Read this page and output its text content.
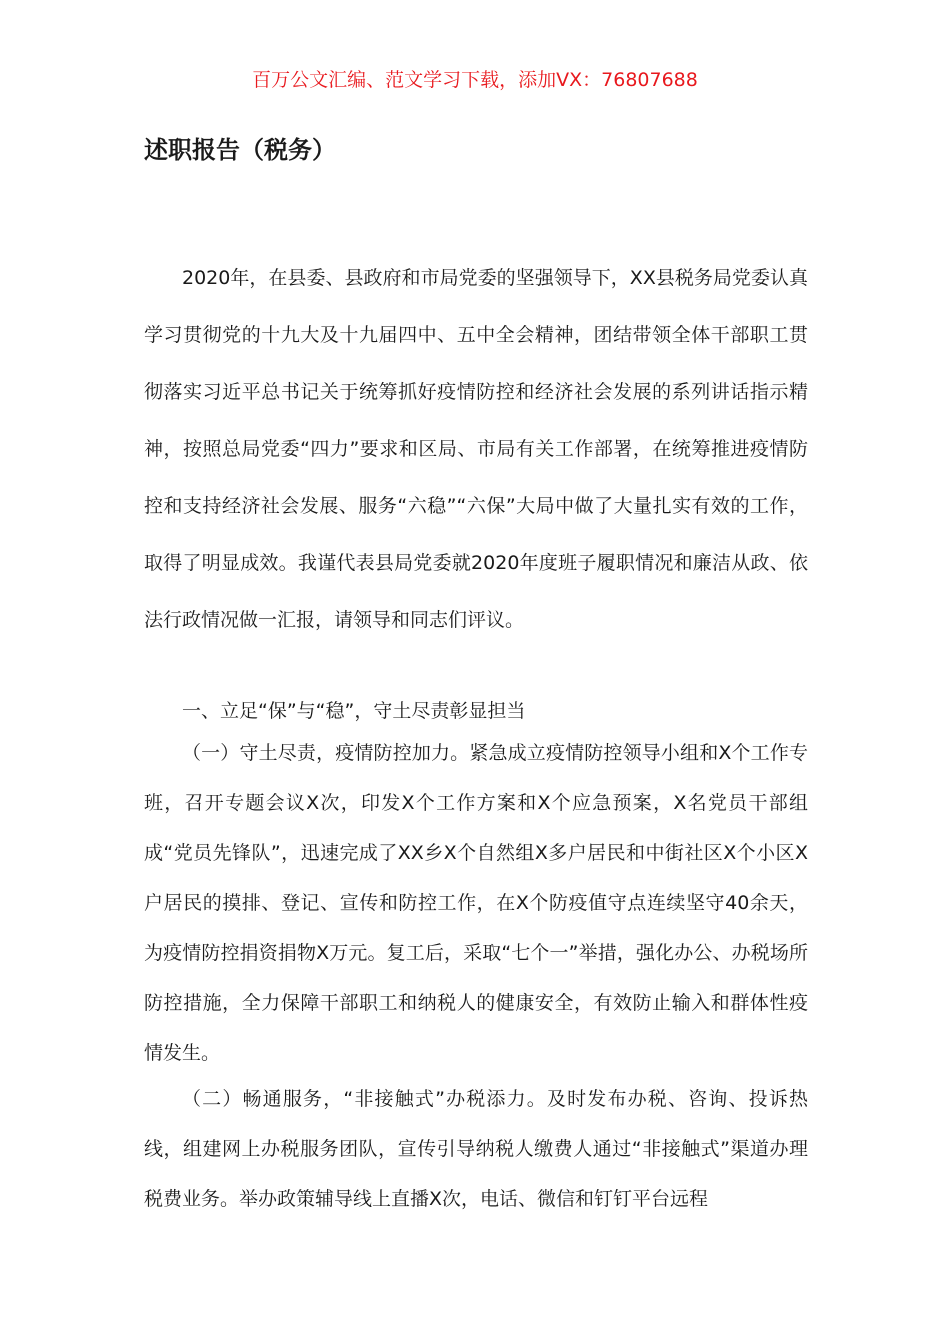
百万公文汇编、范文学习下载，添加VX：76807688
述职报告（税务）

2020年，在县委、县政府和市局党委的坚强领导下，XX县税务局党委认真学习贯彻党的十九大及十九届四中、五中全会精神，团结带领全体干部职工贯彻落实习近平总书记关于统筹抓好疫情防控和经济社会发展的系列讲话指示精神，按照总局党委“四力”要求和区局、市局有关工作部署，在统筹推进疫情防控和支持经济社会发展、服务“六稳”“六保”大局中做了大量扎实有效的工作，取得了明显成效。我谨代表县局党委就2020年度班子履职情况和廉洁从政、依法行政情况做一汇报，请领导和同志们评议。

一、立足“保”与“稳”，守土尽责彰显担当

（一）守土尽责，疫情防控加力。紧急成立疫情防控领导小组和X个工作专班，召开专题会议X次，印发X个工作方案和X个应急预案，X名党员干部组成“党员先锋队”，迅速完成了XX乡X个自然组X多户居民和中街社区X个小区X户居民的摸排、登记、宣传和防控工作，在X个防疫值守点连续坚守40余天，为疫情防控捐资捐物X万元。复工后，采取“七个一”举措，强化办公、办税场所防控措施，全力保障干部职工和纳税人的健康安全，有效防止输入和群体性疫情发生。

（二）畅通服务，“非接触式”办税添力。及时发布办税、咨询、投诉热线，组建网上办税服务团队，宣传引导纳税人缴费人通过“非接触式”渠道办理税费业务。举办政策辅导线上直播X次，电话、微信和钉钉平台远程
